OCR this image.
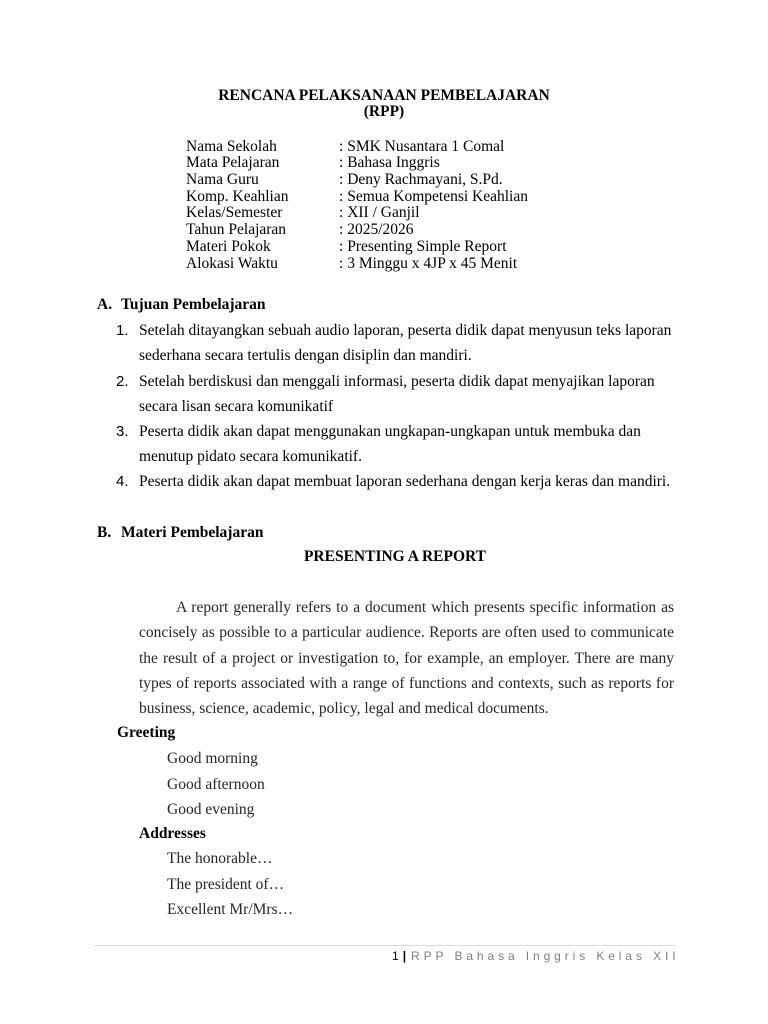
RENCANA PELAKSANAAN PEMBELAJARAN
(RPP)
Nama Sekolah	: SMK Nusantara 1 Comal
Mata Pelajaran	: Bahasa Inggris
Nama Guru	: Deny Rachmayani, S.Pd.
Komp. Keahlian	: Semua Kompetensi Keahlian
Kelas/Semester	: XII / Ganjil
Tahun Pelajaran	: 2025/2026
Materi Pokok	: Presenting Simple Report
Alokasi Waktu	: 3 Minggu x 4JP x 45 Menit
A. Tujuan Pembelajaran
1. Setelah ditayangkan sebuah audio laporan, peserta didik dapat menyusun teks laporan
sederhana secara tertulis dengan disiplin dan mandiri.
2. Setelah berdiskusi dan menggali informasi, peserta didik dapat menyajikan laporan
secara lisan secara komunikatif
3. Peserta didik akan dapat menggunakan ungkapan-ungkapan untuk membuka dan
menutup pidato secara komunikatif.
4. Peserta didik akan dapat membuat laporan sederhana dengan kerja keras dan mandiri.
B. Materi Pembelajaran
PRESENTING A REPORT
A report generally refers to a document which presents specific information as
concisely as possible to a particular audience. Reports are often used to communicate
the result of a project or investigation to, for example, an employer. There are many
types of reports associated with a range of functions and contexts, such as reports for
business, science, academic, policy, legal and medical documents.
Greeting
Good morning
Good afternoon
Good evening
Addresses
The honorable…
The president of…
Excellent Mr/Mrs…
1 | RPP Bahasa Inggris Kelas XII
